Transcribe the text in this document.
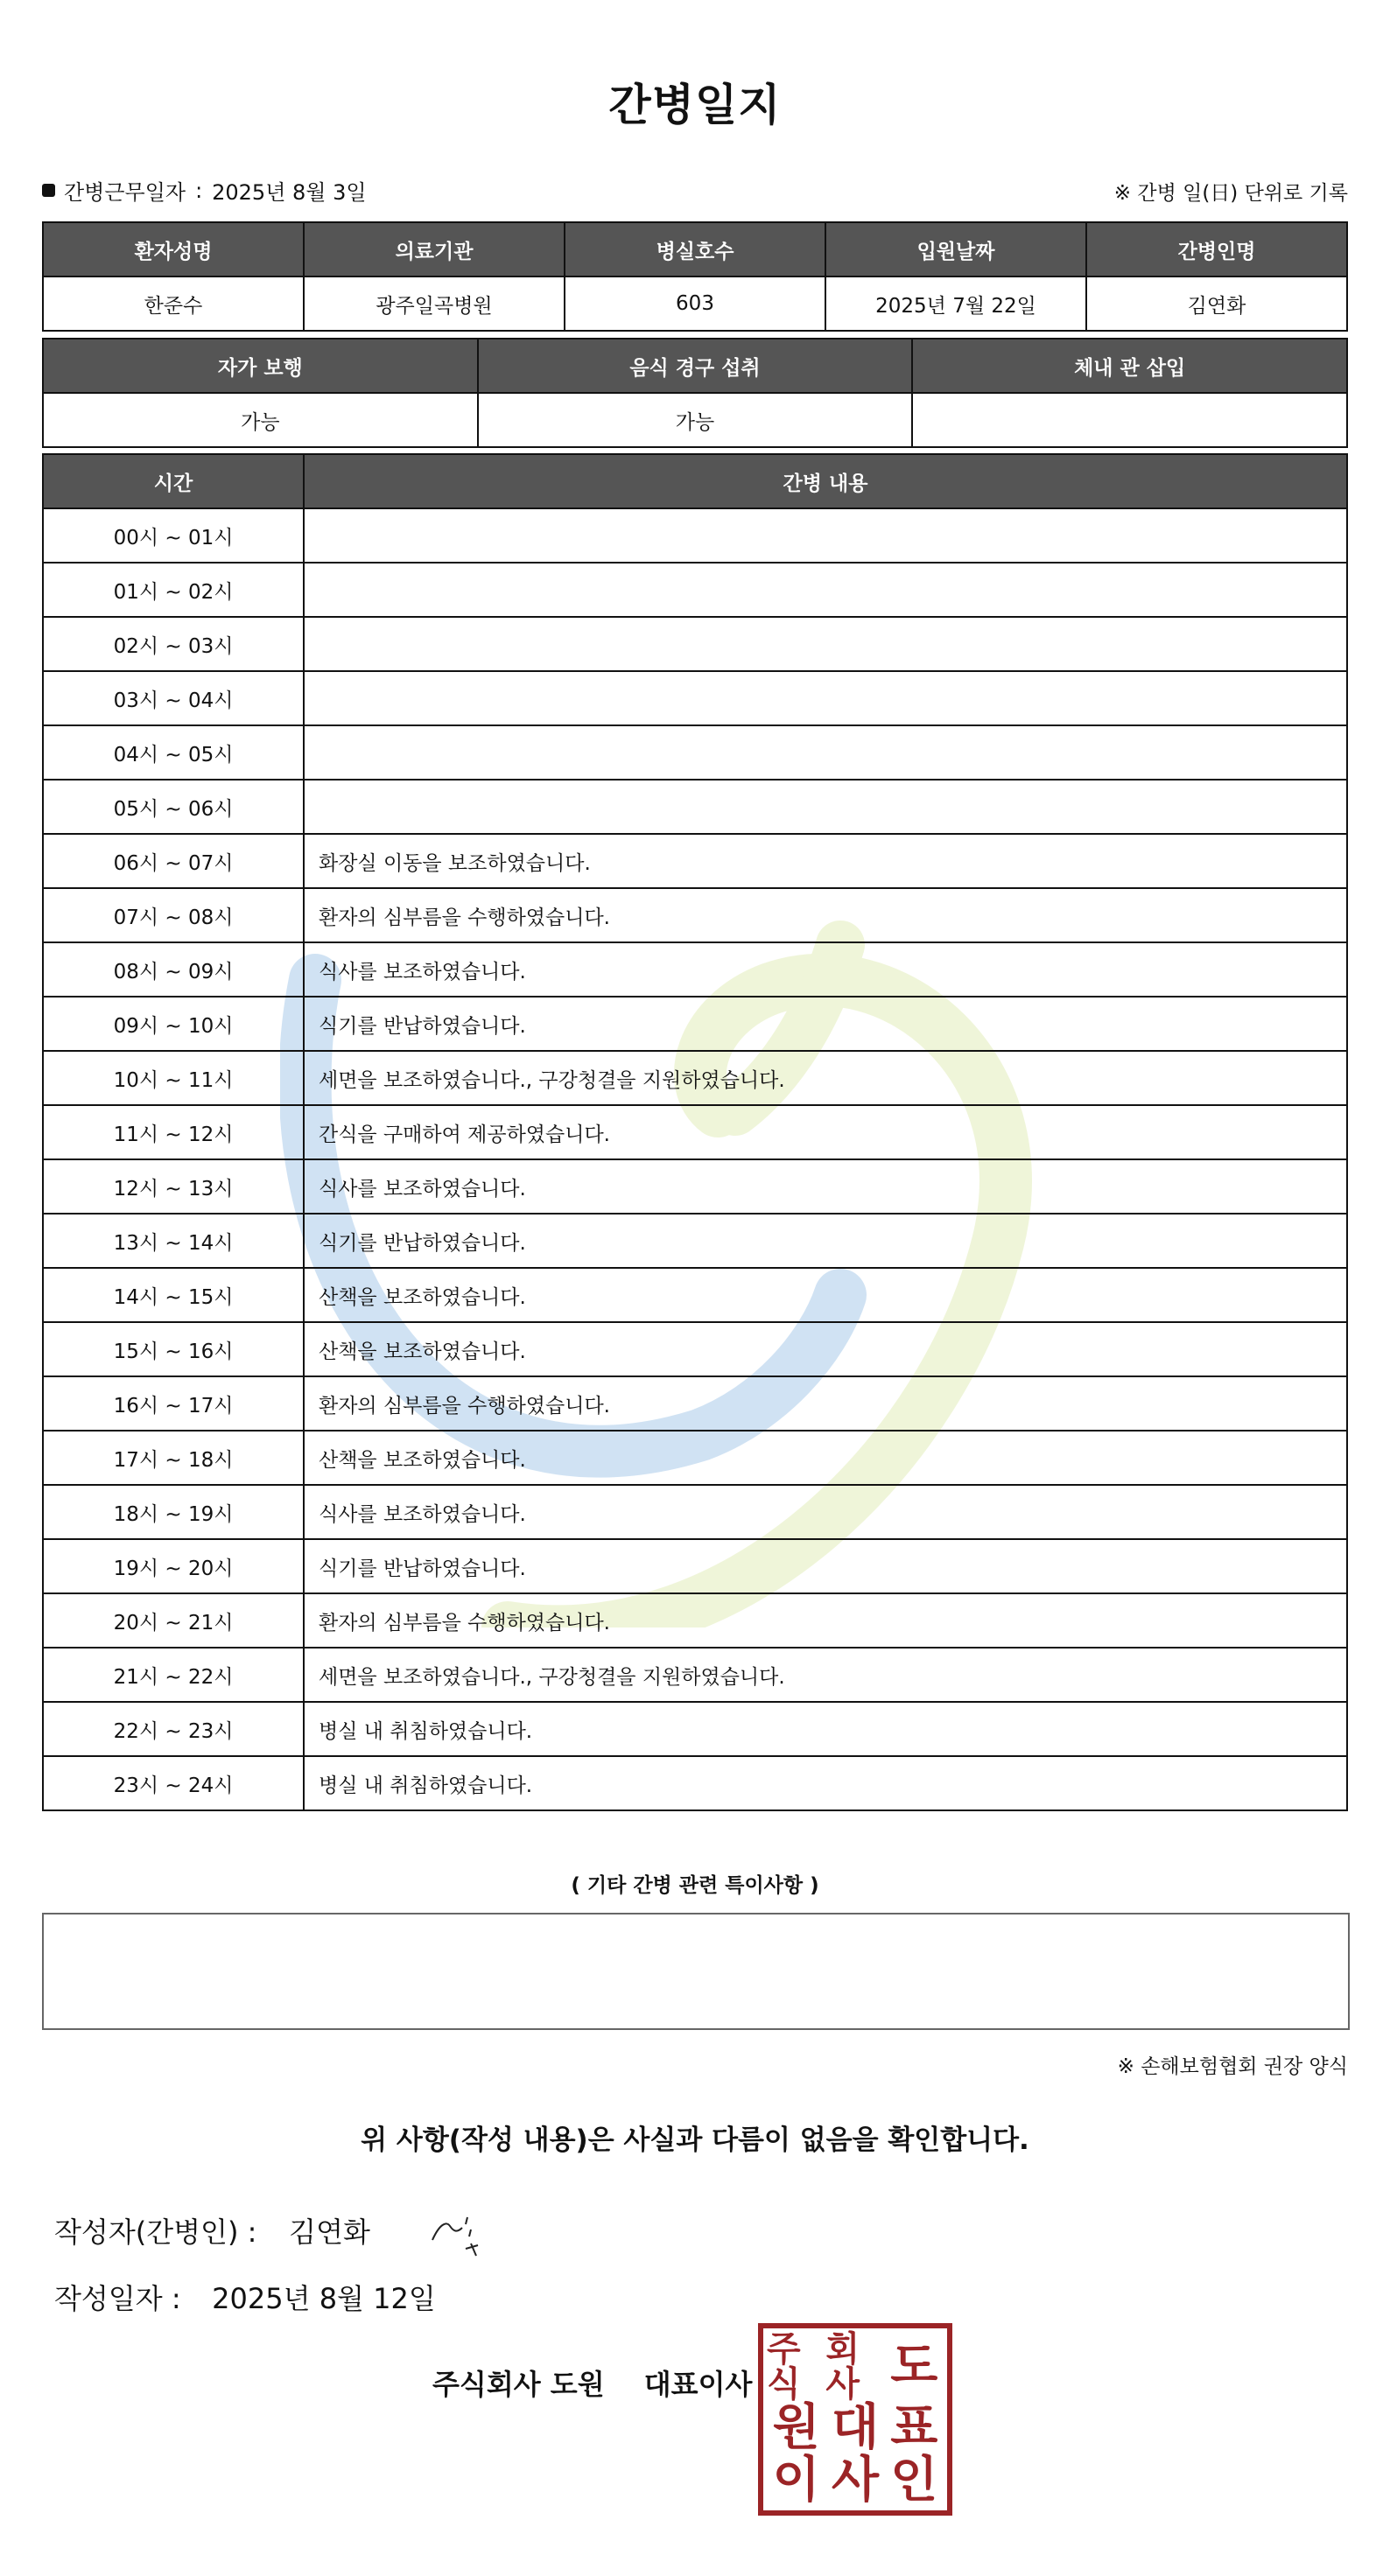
간병일지
간병근무일자 : 2025년 8월 3일	※ 간병 일(日) 단위로 기록
환자성명	의료기관	병실호수	입원날짜	간병인명
한준수	광주일곡병원	603	2025년 7월 22일	김연화
자가 보행	음식 경구 섭취	체내 관 삽입
가능	가능	
시간	간병 내용
00시 ~ 01시	
01시 ~ 02시	
02시 ~ 03시	
03시 ~ 04시	
04시 ~ 05시	
05시 ~ 06시	
06시 ~ 07시	화장실 이동을 보조하였습니다.
07시 ~ 08시	환자의 심부름을 수행하였습니다.
08시 ~ 09시	식사를 보조하였습니다.
09시 ~ 10시	식기를 반납하였습니다.
10시 ~ 11시	세면을 보조하였습니다., 구강청결을 지원하였습니다.
11시 ~ 12시	간식을 구매하여 제공하였습니다.
12시 ~ 13시	식사를 보조하였습니다.
13시 ~ 14시	식기를 반납하였습니다.
14시 ~ 15시	산책을 보조하였습니다.
15시 ~ 16시	산책을 보조하였습니다.
16시 ~ 17시	환자의 심부름을 수행하였습니다.
17시 ~ 18시	산책을 보조하였습니다.
18시 ~ 19시	식사를 보조하였습니다.
19시 ~ 20시	식기를 반납하였습니다.
20시 ~ 21시	환자의 심부름을 수행하였습니다.
21시 ~ 22시	세면을 보조하였습니다., 구강청결을 지원하였습니다.
22시 ~ 23시	병실 내 취침하였습니다.
23시 ~ 24시	병실 내 취침하였습니다.
( 기타 간병 관련 특이사항 )
※ 손해보험협회 권장 양식
위 사항(작성 내용)은 사실과 다름이 없음을 확인합니다.
작성자(간병인) : 김연화
작성일자 : 2025년 8월 12일
주식회사 도원 대표이사
주식
회사 도
원 대 표
이 사 인
